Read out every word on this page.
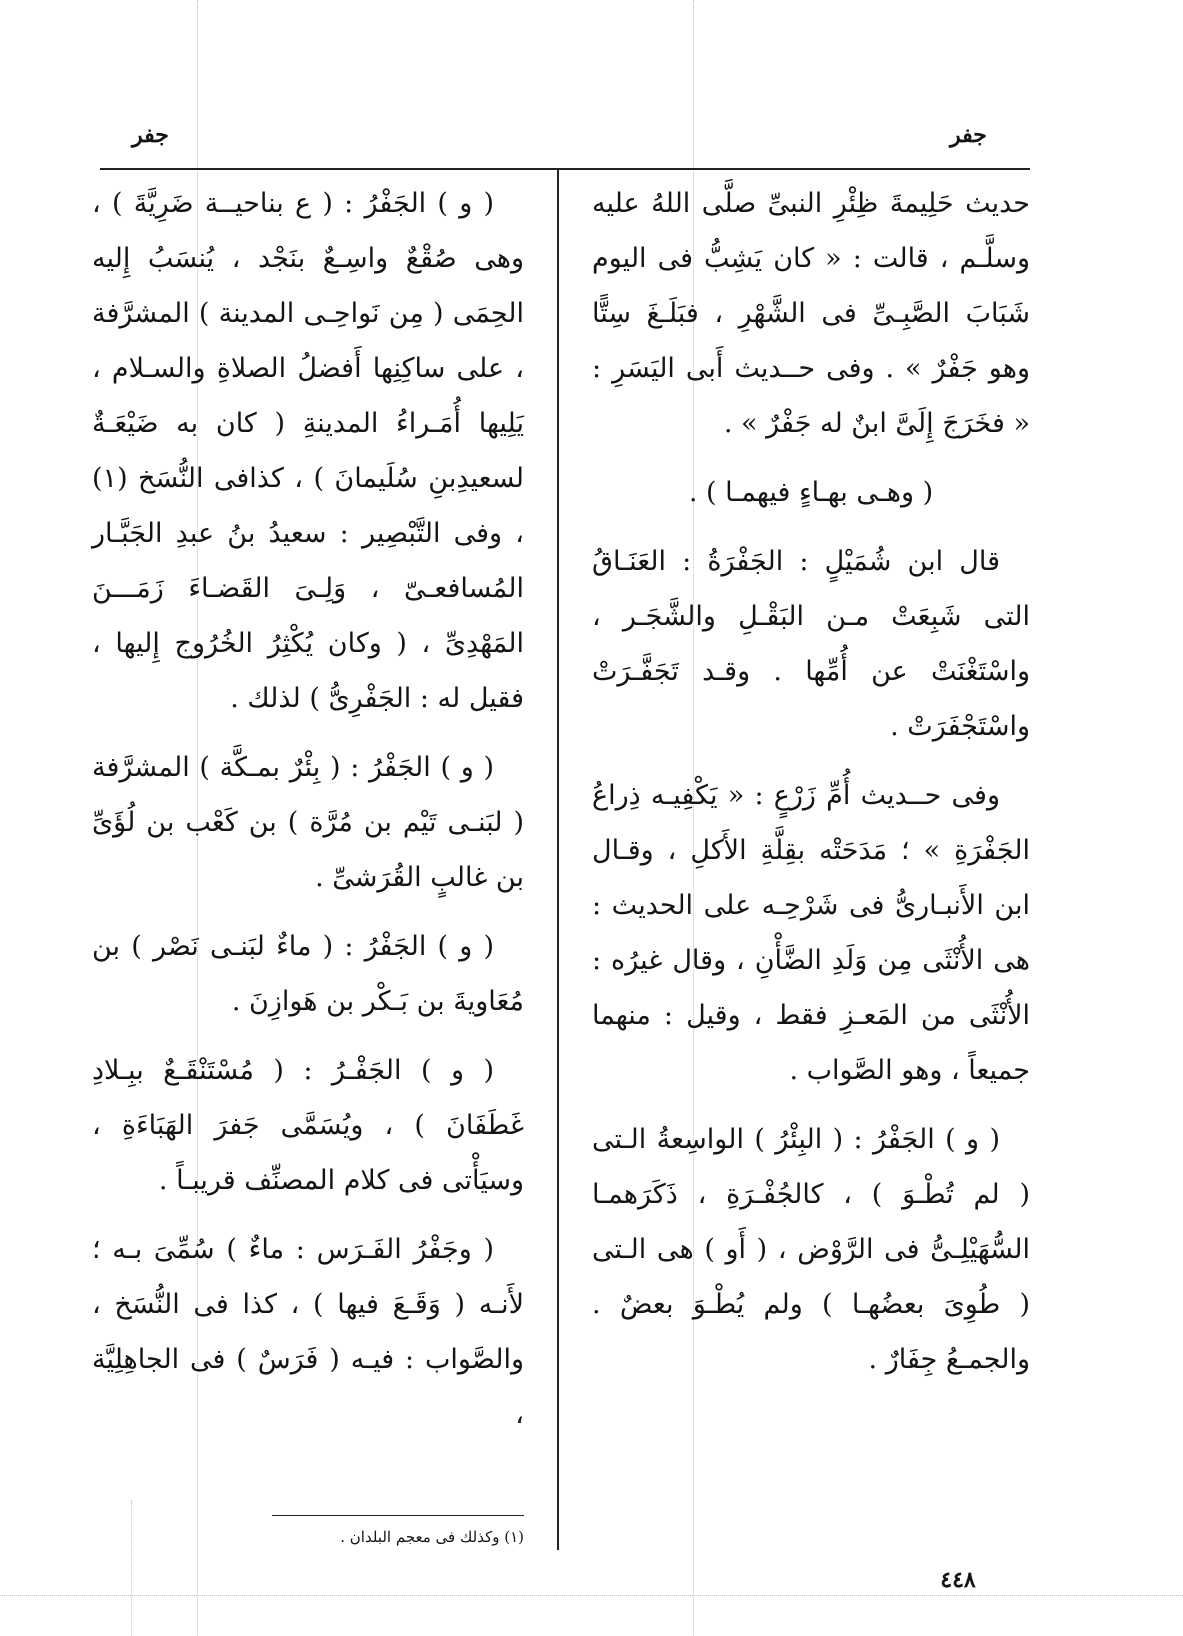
جفر	جفر

حديث حَلِيمةَ ظِئْرِ النبىِّ صلَّى اللهُ عليه وسلَّـم ، قالت : « كان يَشِبُّ فى اليوم شَبَابَ الصَّبِـىِّ فى الشَّهْرِ ، فبَلَـغَ سِتًّا وهو جَفْرٌ » . وفى حــديث أَبى اليَسَرِ : « فخَرَجَ إِلَىَّ ابنٌ له جَفْرٌ » .

( وهـى بهـاءٍ فيهمـا ) .

قال ابن شُمَيْلٍ : الجَفْرَةُ : العَنَـاقُ التى شَبِعَتْ مـن البَقْـلِ والشَّجَـر ، واسْتَغْنَتْ عن أُمِّها . وقـد تَجَفَّـرَتْ واسْتَجْفَرَتْ .

وفى حــديث أُمِّ زَرْعٍ : « يَكْفِيـه ذِراعُ الجَفْرَةِ » ؛ مَدَحَتْه بقِلَّةِ الأَكلِ ، وقـال ابن الأَنبـارىُّ فى شَرْحِـه على الحديث : هى الأُنْثَى مِن وَلَدِ الضَّأْنِ ، وقال غيرُه : الأُنْثَى من المَعـزِ فقط ، وقيل : منهما جميعاً ، وهو الصَّواب .

( و ) الجَفْرُ : ( البِئْرُ ) الواسِعةُ الـتى ( لم تُطْـوَ ) ، كالجُفْـرَةِ ، ذَكَرَهمـا السُّهَيْلِـىُّ فى الرَّوْض ، ( أَو ) هى الـتى ( طُوِىَ بعضُهـا ) ولم يُطْـوَ بعضٌ . والجمـعُ جِفَارٌ .

( و ) الجَفْرُ : ( ع بناحيــة ضَرِيَّةَ ) ، وهى صُقْعٌ واسِـعٌ بنَجْد ، يُنسَبُ إِليه الحِمَى ( مِن نَواحِـى المدينة ) المشرَّفة ، على ساكِنِها أَفضلُ الصلاةِ والسـلام ، يَلِيها أُمَـراءُ المدينةِ ( كان به ضَيْعَـةٌ لسعيدِبنِ سُلَيمانَ ) ، كذافى النُّسَخ (١) ، وفى التَّبْصِير : سعيدُ بنُ عبدِ الجَبَّـار المُسافعـىّ ، وَلِـىَ القَضـاءَ زَمَـــنَ المَهْدِىِّ ، ( وكان يُكْثِرُ الخُرُوج إِليها ، فقيل له : الجَفْرِىُّ ) لذلك .

( و ) الجَفْرُ : ( بِئْرٌ بمـكَّة ) المشرَّفة ( لبَنـى تَيْم بن مُرَّة ) بن كَعْب بن لُؤَىِّ بن غالبٍ القُرَشىِّ .

( و ) الجَفْرُ : ( ماءٌ لبَنـى نَصْر ) بن مُعَاويةَ بن بَـكْر بن هَوازِنَ .

( و ) الجَفْـرُ : ( مُسْتَنْقَـعٌ ببِـلادِ غَطَفَانَ ) ، ويُسَمَّى جَفرَ الهَبَاءَةِ ، وسيَأْتى فى كلام المصنِّف قريبـاً .

( وجَفْرُ الفَـرَس : ماءٌ ) سُمِّىَ بـه ؛ لأَنـه ( وَقَـعَ فيها ) ، كذا فى النُّسَخ ، والصَّواب : فيـه ( فَرَسٌ ) فى الجاهِلِيَّة ،

(١) وكذلك فى معجم البلدان .
٤٤٨
